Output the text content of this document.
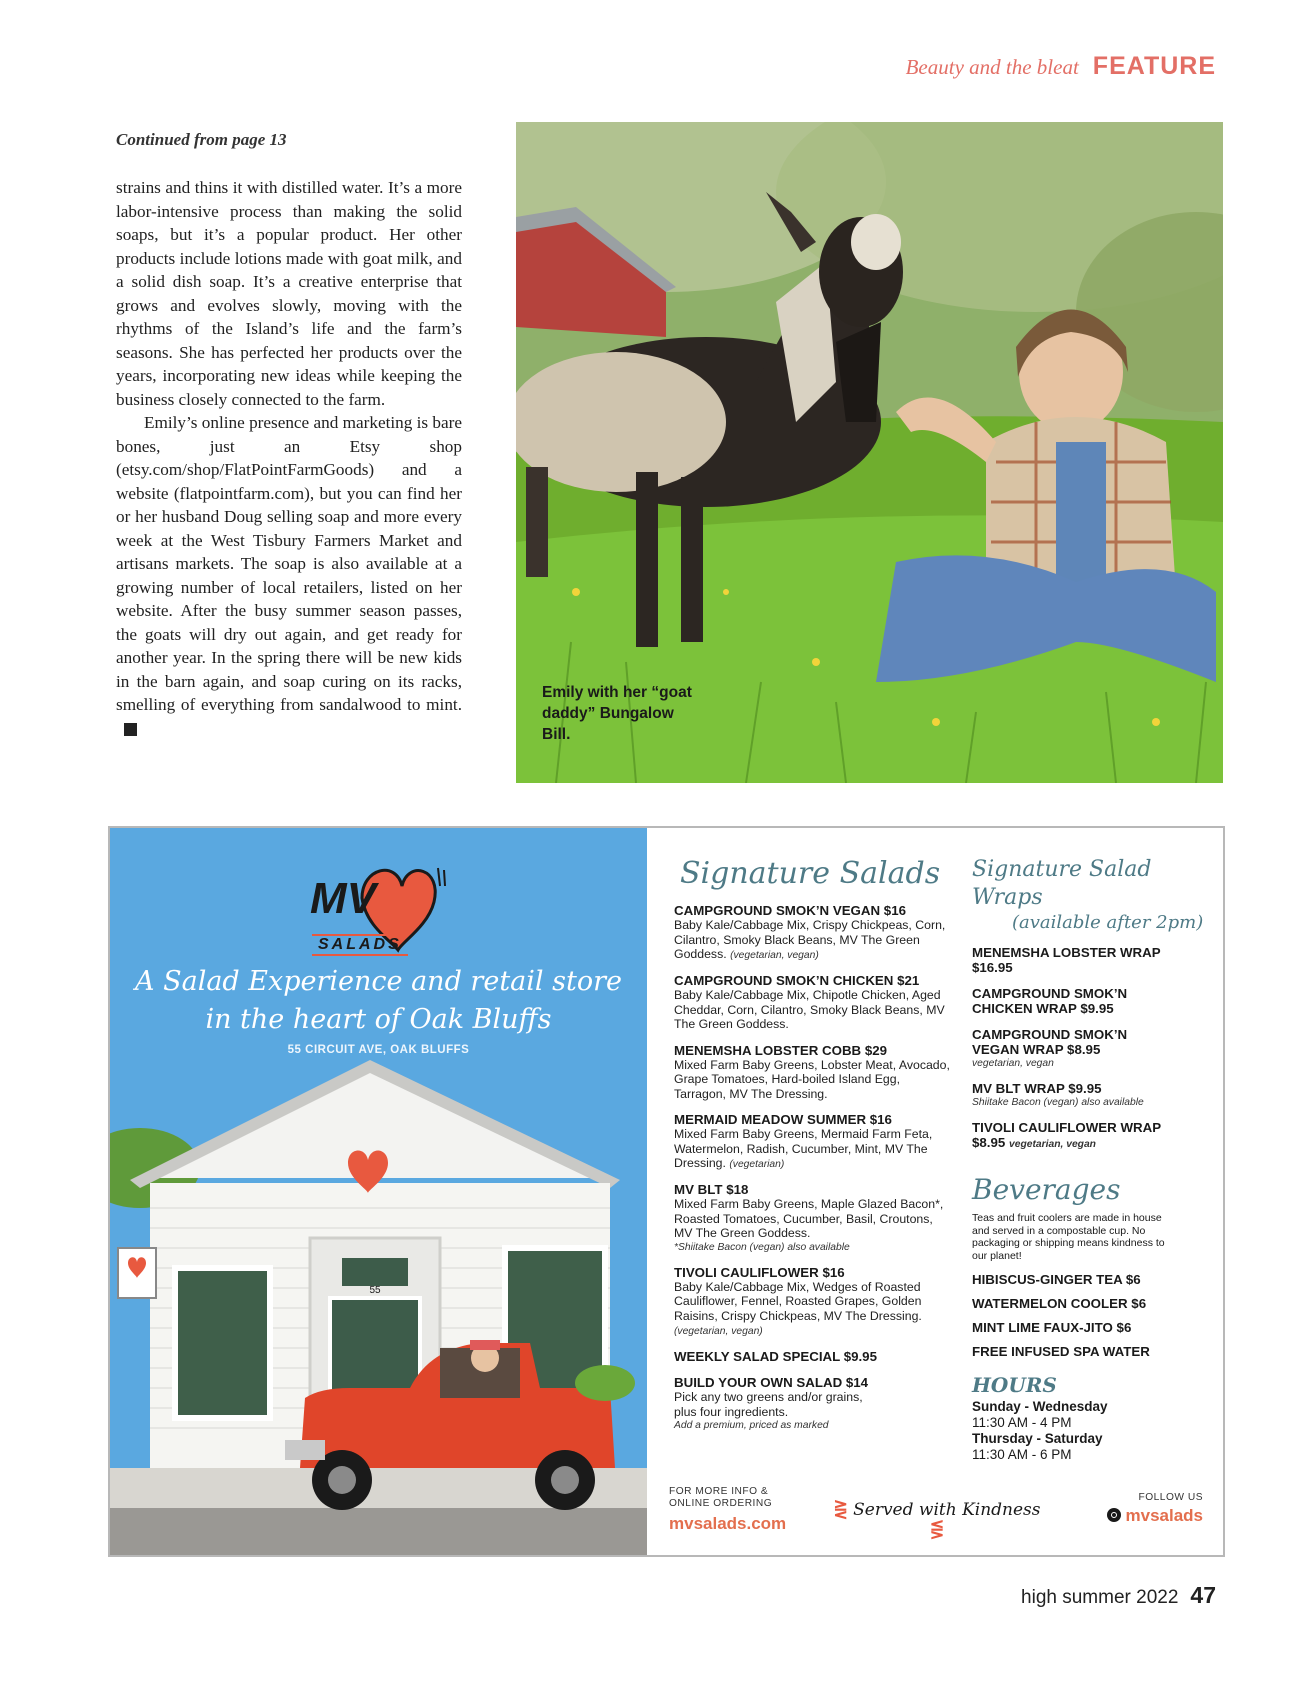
Beauty and the bleat FEATURE
Continued from page 13

strains and thins it with distilled water. It’s a more labor-intensive process than making the solid soaps, but it’s a popular product. Her other products include lotions made with goat milk, and a solid dish soap. It’s a creative enterprise that grows and evolves slowly, moving with the rhythms of the Island’s life and the farm’s seasons. She has perfected her products over the years, incorporating new ideas while keeping the business closely connected to the farm.

Emily’s online presence and marketing is bare bones, just an Etsy shop (etsy.com/shop/FlatPointFarmGoods) and a website (flatpointfarm.com), but you can find her or her husband Doug selling soap and more every week at the West Tisbury Farmers Market and artisans markets. The soap is also available at a growing number of local retailers, listed on her website. After the busy summer season passes, the goats will dry out again, and get ready for another year. In the spring there will be new kids in the barn again, and soap curing on its racks, smelling of everything from sandalwood to mint.■

Emily with her “goat daddy” Bungalow Bill.
55
MV
SALADS
A Salad Experience and retail store
in the heart of Oak Bluffs
55 CIRCUIT AVE, OAK BLUFFS
Signature Salads
CAMPGROUND SMOK’N VEGAN $16
Baby Kale/Cabbage Mix, Crispy Chickpeas, Corn, Cilantro, Smoky Black Beans, MV The Green Goddess. (vegetarian, vegan)
CAMPGROUND SMOK’N CHICKEN $21
Baby Kale/Cabbage Mix, Chipotle Chicken, Aged Cheddar, Corn, Cilantro, Smoky Black Beans, MV The Green Goddess.
MENEMSHA LOBSTER COBB $29
Mixed Farm Baby Greens, Lobster Meat, Avocado, Grape Tomatoes, Hard-boiled Island Egg, Tarragon, MV The Dressing.
MERMAID MEADOW SUMMER $16
Mixed Farm Baby Greens, Mermaid Farm Feta, Watermelon, Radish, Cucumber, Mint, MV The Dressing. (vegetarian)
MV BLT $18
Mixed Farm Baby Greens, Maple Glazed Bacon*, Roasted Tomatoes, Cucumber, Basil, Croutons, MV The Green Goddess.
*Shiitake Bacon (vegan) also available
TIVOLI CAULIFLOWER $16
Baby Kale/Cabbage Mix, Wedges of Roasted Cauliflower, Fennel, Roasted Grapes, Golden Raisins, Crispy Chickpeas, MV The Dressing. (vegetarian, vegan)
WEEKLY SALAD SPECIAL $9.95
BUILD YOUR OWN SALAD $14
Pick any two greens and/or grains, plus four ingredients.
Add a premium, priced as marked
Signature Salad Wraps
(available after 2pm)
MENEMSHA LOBSTER WRAP $16.95
CAMPGROUND SMOK’N CHICKEN WRAP $9.95
CAMPGROUND SMOK’N VEGAN WRAP $8.95
vegetarian, vegan
MV BLT WRAP $9.95
Shiitake Bacon (vegan) also available
TIVOLI CAULIFLOWER WRAP $8.95 vegetarian, vegan
Beverages
Teas and fruit coolers are made in house and served in a compostable cup. No packaging or shipping means kindness to our planet!
HIBISCUS-GINGER TEA $6
WATERMELON COOLER $6
MINT LIME FAUX-JITO $6
FREE INFUSED SPA WATER
HOURS
Sunday - Wednesday
11:30 AM - 4 PM
Thursday - Saturday
11:30 AM - 6 PM
FOR MORE INFO &
ONLINE ORDERING
mvsalads.com
⋛ Served with Kindness ⋚
FOLLOW US
mvsalads
high summer 2022 47
